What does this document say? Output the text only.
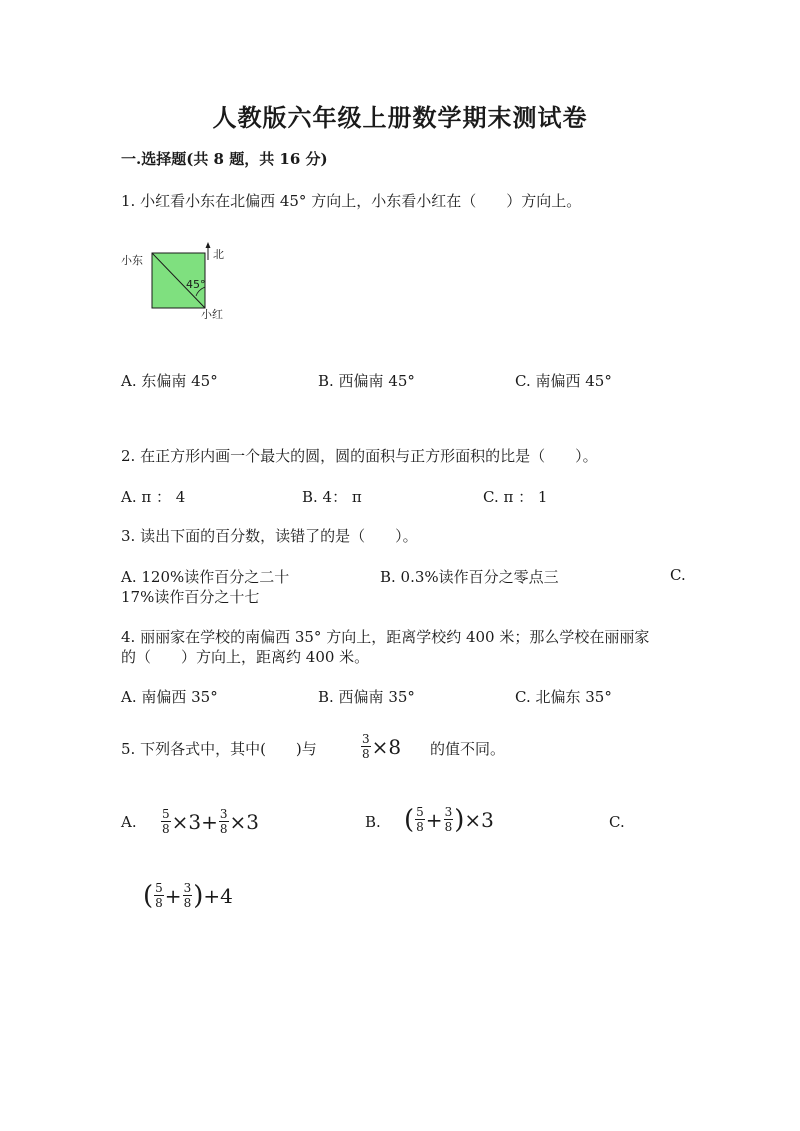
人教版六年级上册数学期末测试卷
一.选择题(共 8 题，共 16 分)
1. 小红看小东在北偏西 45° 方向上，小东看小红在（　　）方向上。
小东	北
45°
小红
A. 东偏南 45°	B. 西偏南 45°	C. 南偏西 45°
2. 在正方形内画一个最大的圆，圆的面积与正方形面积的比是（　　）。
A. π ： 4	B. 4： π	C. π ： 1
3. 读出下面的百分数，读错了的是（　　）。
A. 120%读作百分之二十	B. 0.3%读作百分之零点三	C.
17%读作百分之十七
4. 丽丽家在学校的南偏西 35° 方向上，距离学校约 400 米；那么学校在丽丽家
的（　　）方向上，距离约 400 米。
A. 南偏西 35°	B. 西偏南 35°	C. 北偏东 35°
5. 下列各式中，其中(　　)与	$\frac{3}{8} \times 8$ 的值不同。
A. $\frac{5}{8} \times 3+ \frac{3}{8} \times 3$	B. ( $\frac{5}{8} + \frac{3}{8}$ ) ×3	C.
( $\frac{5}{8} + \frac{3}{8}$ ) +4
